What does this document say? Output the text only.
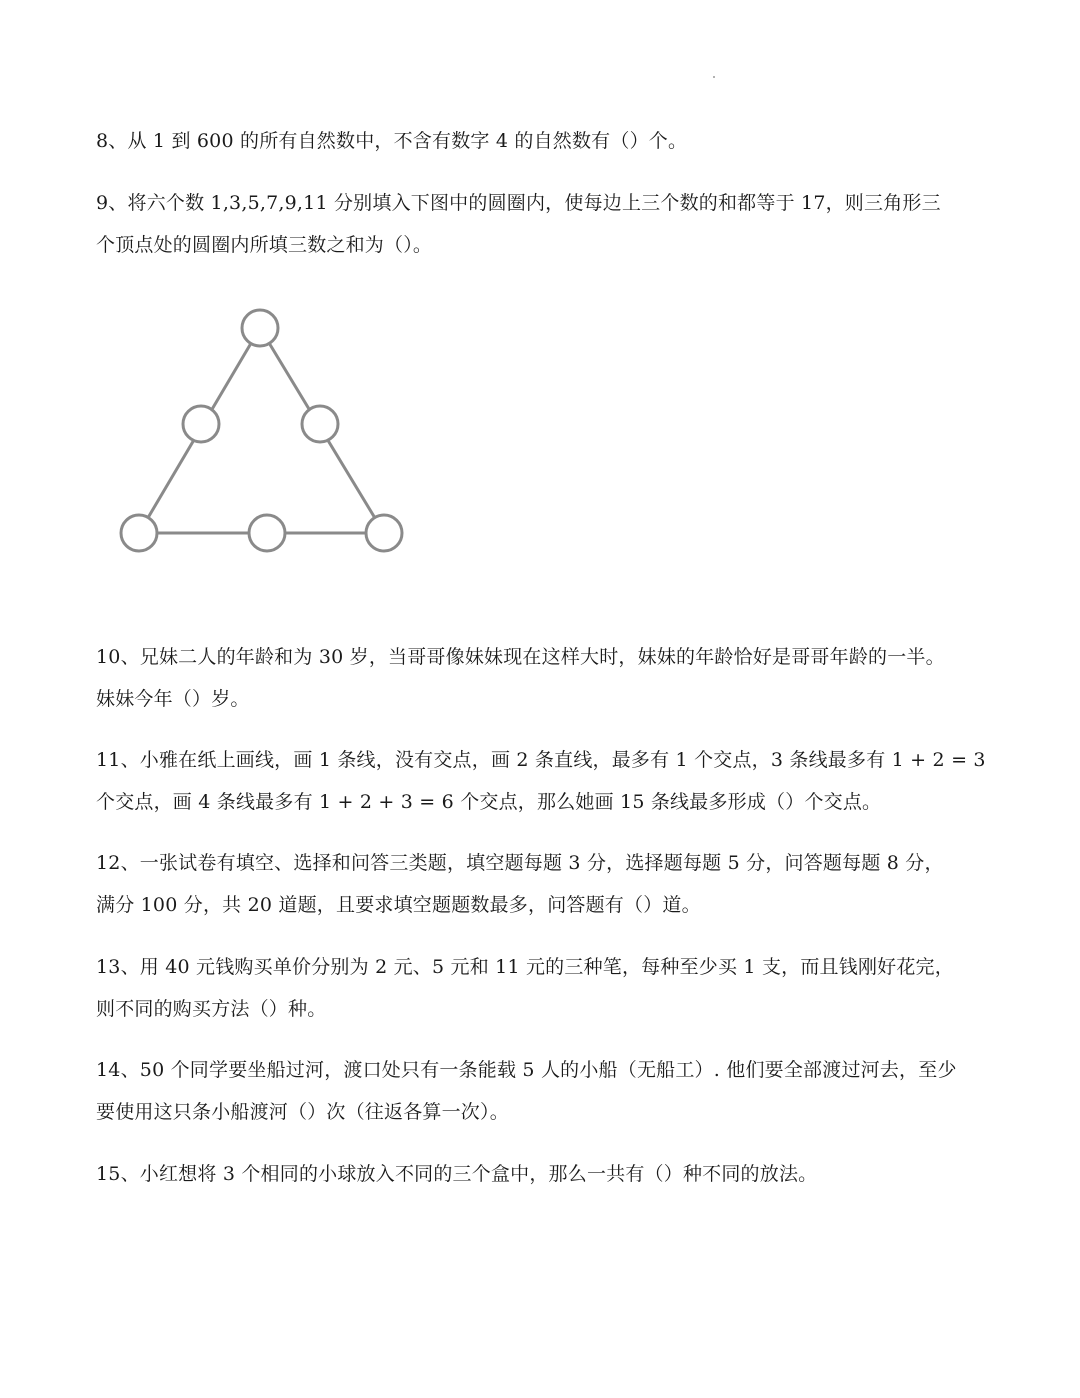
8、从 1 到 600 的所有自然数中，不含有数字 4 的自然数有（）个。
9、将六个数 1,3,5,7,9,11 分别填入下图中的圆圈内，使每边上三个数的和都等于 17，则三角形三
个顶点处的圆圈内所填三数之和为（）。
10、兄妹二人的年龄和为 30 岁，当哥哥像妹妹现在这样大时，妹妹的年龄恰好是哥哥年龄的一半。
妹妹今年（）岁。
11、小雅在纸上画线，画 1 条线，没有交点，画 2 条直线，最多有 1 个交点，3 条线最多有 1 + 2 = 3
个交点，画 4 条线最多有 1 + 2 + 3 = 6 个交点，那么她画 15 条线最多形成（）个交点。
12、一张试卷有填空、选择和问答三类题，填空题每题 3 分，选择题每题 5 分，问答题每题 8 分，
满分 100 分，共 20 道题，且要求填空题题数最多，问答题有（）道。
13、用 40 元钱购买单价分别为 2 元、5 元和 11 元的三种笔，每种至少买 1 支，而且钱刚好花完，
则不同的购买方法（）种。
14、50 个同学要坐船过河，渡口处只有一条能载 5 人的小船（无船工）. 他们要全部渡过河去，至少
要使用这只条小船渡河（）次（往返各算一次）。
15、小红想将 3 个相同的小球放入不同的三个盒中，那么一共有（）种不同的放法。
